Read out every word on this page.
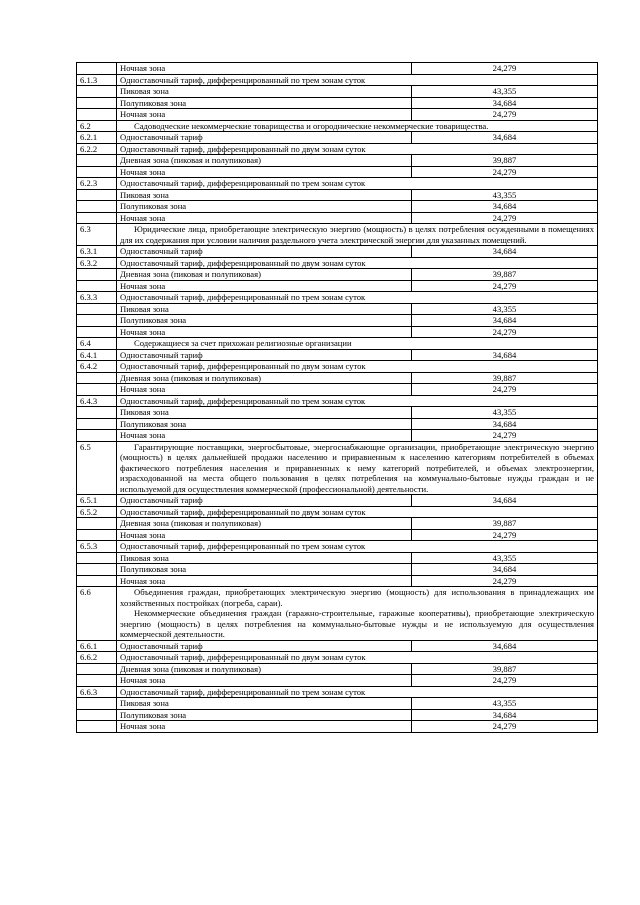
	Ночная зона	24,279
6.1.3	Одноставочный тариф, дифференцированный по трем зонам суток	
	Пиковая зона	43,355
	Полупиковая зона	34,684
	Ночная зона	24,279
6.2	Садоводческие некоммерческие товарищества и огороднические некоммерческие товарищества.	

6.2.1	Одноставочный тариф	34,684
6.2.2	Одноставочный тариф, дифференцированный по двум зонам суток	
	Дневная зона (пиковая и полупиковая)	39,887
	Ночная зона	24,279
6.2.3	Одноставочный тариф, дифференцированный по трем зонам суток	
	Пиковая зона	43,355
	Полупиковая зона	34,684
	Ночная зона	24,279
6.3	Юридические лица, приобретающие электрическую энергию (мощность) в целях потребления осужденными в помещениях для их содержания при условии наличия раздельного учета электрической энергии для указанных помещений.	

6.3.1	Одноставочный тариф	34,684
6.3.2	Одноставочный тариф, дифференцированный по двум зонам суток	
	Дневная зона (пиковая и полупиковая)	39,887
	Ночная зона	24,279
6.3.3	Одноставочный тариф, дифференцированный по трем зонам суток	
	Пиковая зона	43,355
	Полупиковая зона	34,684
	Ночная зона	24,279
6.4	Содержащиеся за счет прихожан религиозные организации	

6.4.1	Одноставочный тариф	34,684
6.4.2	Одноставочный тариф, дифференцированный по двум зонам суток	
	Дневная зона (пиковая и полупиковая)	39,887
	Ночная зона	24,279
6.4.3	Одноставочный тариф, дифференцированный по трем зонам суток	
	Пиковая зона	43,355
	Полупиковая зона	34,684
	Ночная зона	24,279
6.5	Гарантирующие поставщики, энергосбытовые, энергоснабжающие организации, приобретающие электрическую энергию (мощность) в целях дальнейшей продажи населению и приравненным к населению категориям потребителей в объемах фактического потребления населения и приравненных к нему категорий потребителей, и объемах электроэнергии, израсходованной на места общего пользования в целях потребления на коммунально-бытовые нужды граждан и не используемой для осуществления коммерческой (профессиональной) деятельности.	

6.5.1	Одноставочный тариф	34,684
6.5.2	Одноставочный тариф, дифференцированный по двум зонам суток	
	Дневная зона (пиковая и полупиковая)	39,887
	Ночная зона	24,279
6.5.3	Одноставочный тариф, дифференцированный по трем зонам суток	
	Пиковая зона	43,355
	Полупиковая зона	34,684
	Ночная зона	24,279
6.6	Объединения граждан, приобретающих электрическую энергию (мощность) для использования в принадлежащих им хозяйственных постройках (погреба, сараи).

Некоммерческие объединения граждан (гаражно-строительные, гаражные кооперативы), приобретающие электрическую энергию (мощность) в целях потребления на коммунально-бытовые нужды и не используемую для осуществления коммерческой деятельности.	

6.6.1	Одноставочный тариф	34,684
6.6.2	Одноставочный тариф, дифференцированный по двум зонам суток	
	Дневная зона (пиковая и полупиковая)	39,887
	Ночная зона	24,279
6.6.3	Одноставочный тариф, дифференцированный по трем зонам суток	
	Пиковая зона	43,355
	Полупиковая зона	34,684
	Ночная зона	24,279
